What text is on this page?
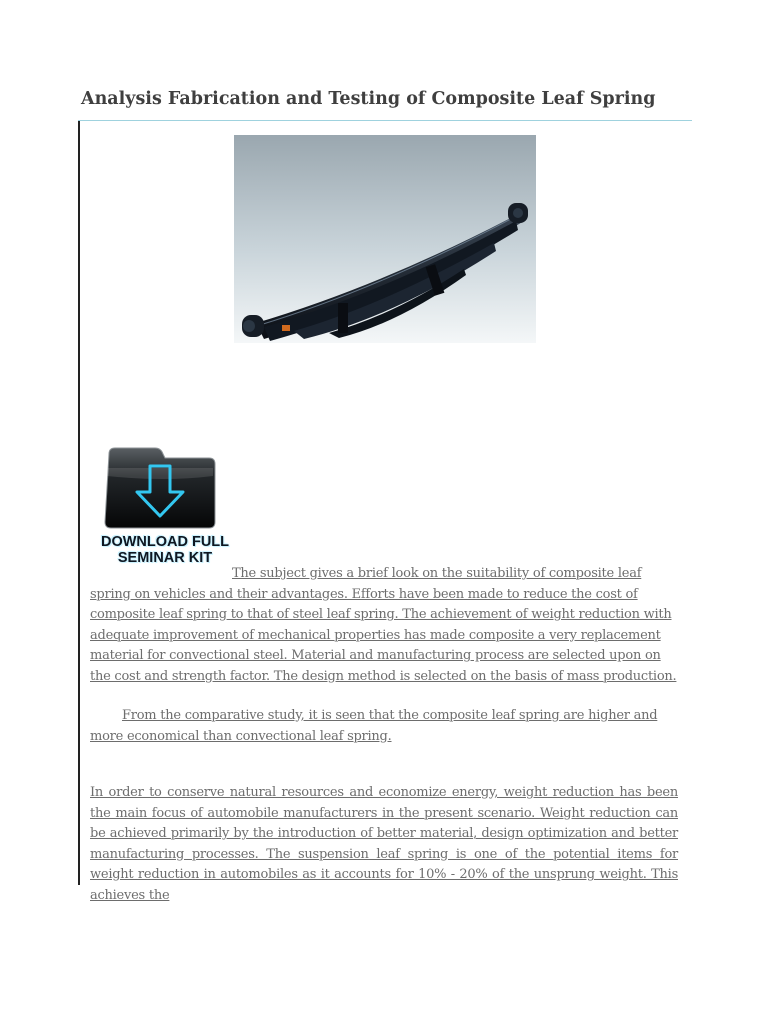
Analysis Fabrication and Testing of Composite Leaf Spring
DOWNLOAD FULL
SEMINAR KIT

The subject gives a brief look on the suitability of composite leaf spring on vehicles and their advantages. Efforts have been made to reduce the cost of composite leaf spring to that of steel leaf spring. The achievement of weight reduction with adequate improvement of mechanical properties has made composite a very replacement material for convectional steel. Material and manufacturing process are selected upon on the cost and strength factor. The design method is selected on the basis of mass production.

From the comparative study, it is seen that the composite leaf spring are higher and more economical than convectional leaf spring.

In order to conserve natural resources and economize energy, weight reduction has been the main focus of automobile manufacturers in the present scenario. Weight reduction can be achieved primarily by the introduction of better material, design optimization and better manufacturing processes. The suspension leaf spring is one of the potential items for weight reduction in automobiles as it accounts for 10% - 20% of the unsprung weight. This achieves the
